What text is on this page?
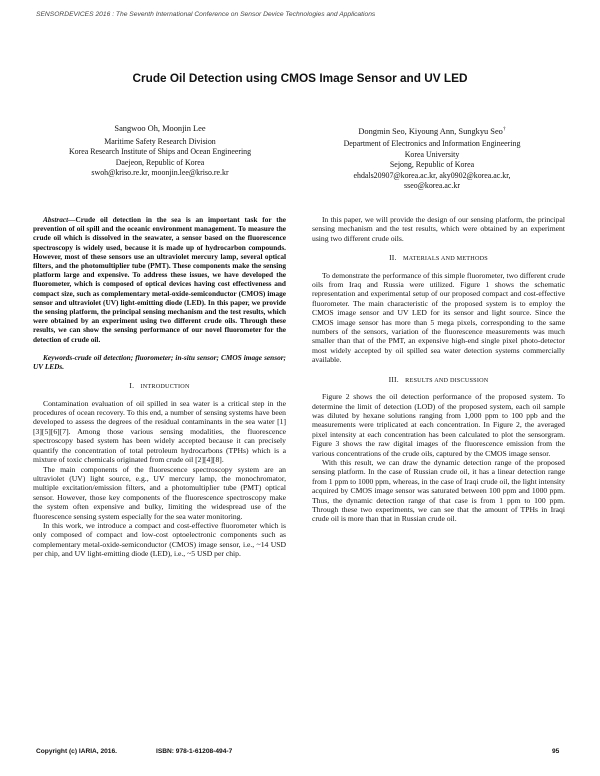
SENSORDEVICES 2016 : The Seventh International Conference on Sensor Device Technologies and Applications
Crude Oil Detection using CMOS Image Sensor and UV LED
Sangwoo Oh, Moonjin Lee
Maritime Safety Research Division
Korea Research Institute of Ships and Ocean Engineering
Daejeon, Republic of Korea
swoh@kriso.re.kr, moonjin.lee@kriso.re.kr
Dongmin Seo, Kiyoung Ann, Sungkyu Seo†
Department of Electronics and Information Engineering
Korea University
Sejong, Republic of Korea
ehdals20907@korea.ac.kr, aky0902@korea.ac.kr,
sseo@korea.ac.kr

Abstract—Crude oil detection in the sea is an important task for the prevention of oil spill and the oceanic environment management. To measure the crude oil which is dissolved in the seawater, a sensor based on the fluorescence spectroscopy is widely used, because it is made up of hydrocarbon compounds. However, most of these sensors use an ultraviolet mercury lamp, several optical filters, and the photomultiplier tube (PMT). These components make the sensing platform large and expensive. To address these issues, we have developed the fluorometer, which is composed of optical devices having cost effectiveness and compact size, such as complementary metal-oxide-semiconductor (CMOS) image sensor and ultraviolet (UV) light-emitting diode (LED). In this paper, we provide the sensing platform, the principal sensing mechanism and the test results, which were obtained by an experiment using two different crude oils. Through these results, we can show the sensing performance of our novel fluorometer for the detection of crude oil.

Keywords-crude oil detection; fluorometer; in-situ sensor; CMOS image sensor; UV LEDs.

I. INTRODUCTION

Contamination evaluation of oil spilled in sea water is a critical step in the procedures of ocean recovery. To this end, a number of sensing systems have been developed to assess the degrees of the residual contaminants in the sea water [1][3][5][6][7]. Among those various sensing modalities, the fluorescence spectroscopy based system has been widely accepted because it can precisely quantify the concentration of total petroleum hydrocarbons (TPHs) which is a mixture of toxic chemicals originated from crude oil [2][4][8].

The main components of the fluorescence spectroscopy system are an ultraviolet (UV) light source, e.g., UV mercury lamp, the monochromator, multiple excitation/emission filters, and a photomultiplier tube (PMT) optical sensor. However, those key components of the fluorescence spectroscopy make the system often expensive and bulky, limiting the widespread use of the fluorescence sensing system especially for the sea water monitoring.

In this work, we introduce a compact and cost-effective fluorometer which is only composed of compact and low-cost optoelectronic components such as complementary metal-oxide-semiconductor (CMOS) image sensor, i.e., ~14 USD per chip, and UV light-emitting diode (LED), i.e., ~5 USD per chip.

In this paper, we will provide the design of our sensing platform, the principal sensing mechanism and the test results, which were obtained by an experiment using two different crude oils.

II. MATERIALS AND METHODS

To demonstrate the performance of this simple fluorometer, two different crude oils from Iraq and Russia were utilized. Figure 1 shows the schematic representation and experimental setup of our proposed compact and cost-effective fluorometer. The main characteristic of the proposed system is to employ the CMOS image sensor and UV LED for its sensor and light source. Since the CMOS image sensor has more than 5 mega pixels, corresponding to the same numbers of the sensors, variation of the fluorescence measurements was much smaller than that of the PMT, an expensive high-end single pixel photo-detector most widely accepted by oil spilled sea water detection systems commercially available.

III. RESULTS AND DISCUSSION

Figure 2 shows the oil detection performance of the proposed system. To determine the limit of detection (LOD) of the proposed system, each oil sample was diluted by hexane solutions ranging from 1,000 ppm to 100 ppb and the measurements were triplicated at each concentration. In Figure 2, the averaged pixel intensity at each concentration has been calculated to plot the sensorgram. Figure 3 shows the raw digital images of the fluorescence emission from the various concentrations of the crude oils, captured by the CMOS image sensor.

With this result, we can draw the dynamic detection range of the proposed sensing platform. In the case of Russian crude oil, it has a linear detection range from 1 ppm to 1000 ppm, whereas, in the case of Iraqi crude oil, the light intensity acquired by CMOS image sensor was saturated between 100 ppm and 1000 ppm. Thus, the dynamic detection range of that case is from 1 ppm to 100 ppm. Through these two experiments, we can see that the amount of TPHs in Iraqi crude oil is more than that in Russian crude oil.

Copyright (c) IARIA, 2016.	ISBN: 978-1-61208-494-7	95
